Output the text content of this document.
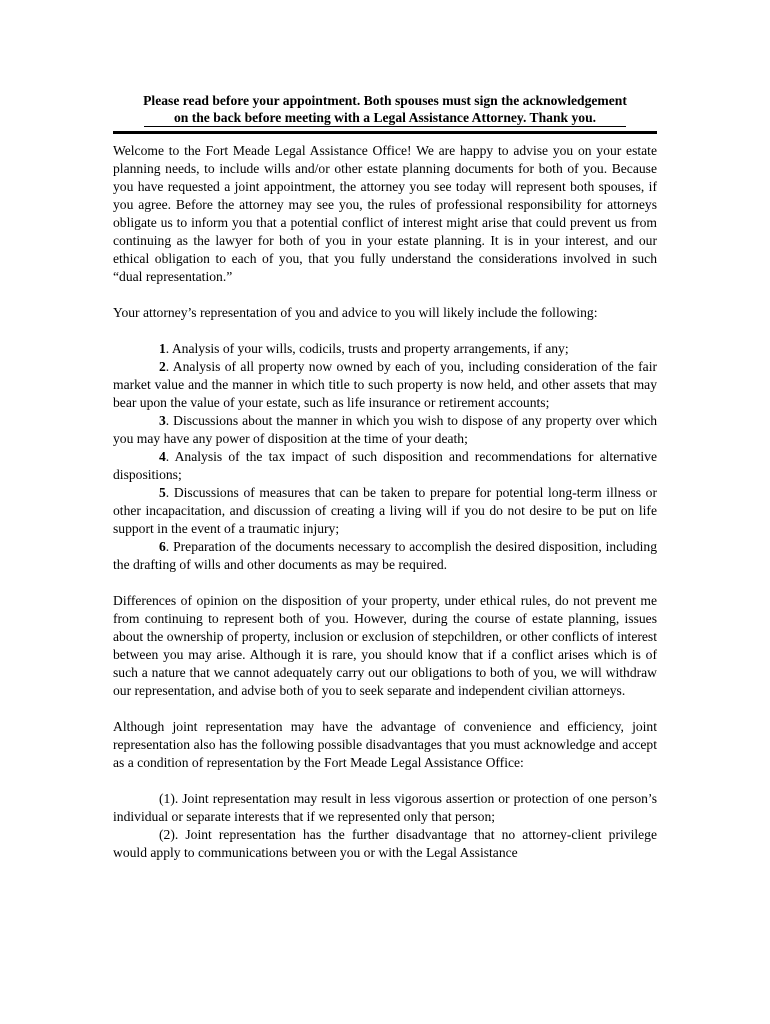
Please read before your appointment. Both spouses must sign the acknowledgement
on the back before meeting with a Legal Assistance Attorney. Thank you.

Welcome to the Fort Meade Legal Assistance Office! We are happy to advise you on your estate planning needs, to include wills and/or other estate planning documents for both of you. Because you have requested a joint appointment, the attorney you see today will represent both spouses, if you agree. Before the attorney may see you, the rules of professional responsibility for attorneys obligate us to inform you that a potential conflict of interest might arise that could prevent us from continuing as the lawyer for both of you in your estate planning. It is in your interest, and our ethical obligation to each of you, that you fully understand the considerations involved in such “dual representation.”

Your attorney’s representation of you and advice to you will likely include the following:

1. Analysis of your wills, codicils, trusts and property arrangements, if any;

2. Analysis of all property now owned by each of you, including consideration of the fair market value and the manner in which title to such property is now held, and other assets that may bear upon the value of your estate, such as life insurance or retirement accounts;

3. Discussions about the manner in which you wish to dispose of any property over which you may have any power of disposition at the time of your death;

4. Analysis of the tax impact of such disposition and recommendations for alternative dispositions;

5. Discussions of measures that can be taken to prepare for potential long-term illness or other incapacitation, and discussion of creating a living will if you do not desire to be put on life support in the event of a traumatic injury;

6. Preparation of the documents necessary to accomplish the desired disposition, including the drafting of wills and other documents as may be required.

Differences of opinion on the disposition of your property, under ethical rules, do not prevent me from continuing to represent both of you. However, during the course of estate planning, issues about the ownership of property, inclusion or exclusion of stepchildren, or other conflicts of interest between you may arise. Although it is rare, you should know that if a conflict arises which is of such a nature that we cannot adequately carry out our obligations to both of you, we will withdraw our representation, and advise both of you to seek separate and independent civilian attorneys.

Although joint representation may have the advantage of convenience and efficiency, joint representation also has the following possible disadvantages that you must acknowledge and accept as a condition of representation by the Fort Meade Legal Assistance Office:

(1). Joint representation may result in less vigorous assertion or protection of one person’s individual or separate interests that if we represented only that person;

(2). Joint representation has the further disadvantage that no attorney-client privilege would apply to communications between you or with the Legal Assistance
